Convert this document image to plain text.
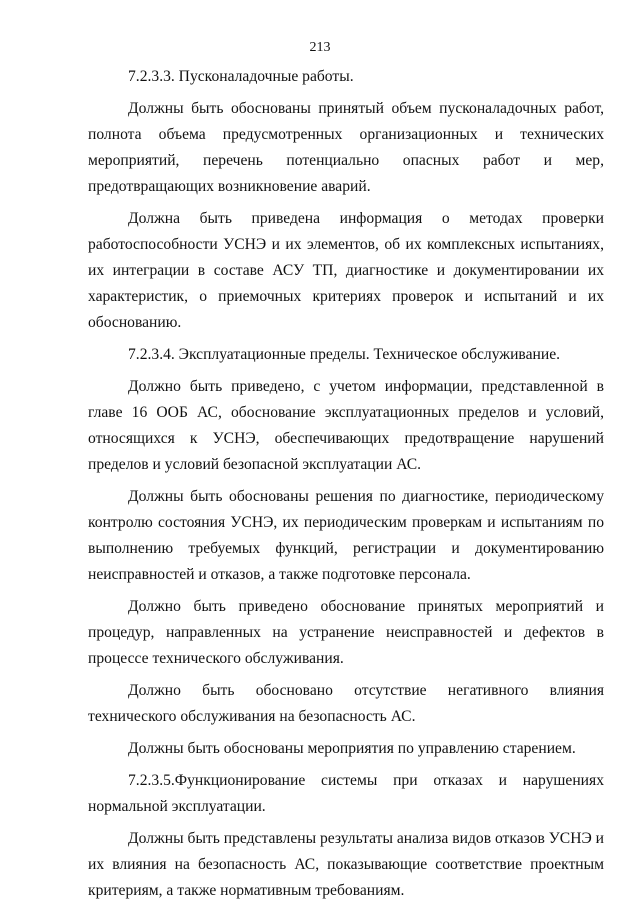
213

7.2.3.3. Пусконаладочные работы.

Должны быть обоснованы принятый объем пусконаладочных работ, полнота объема предусмотренных организационных и технических мероприятий, перечень потенциально опасных работ и мер, предотвращающих возникновение аварий.

Должна быть приведена информация о методах проверки работоспособности УСНЭ и их элементов, об их комплексных испытаниях, их интеграции в составе АСУ ТП, диагностике и документировании их характеристик, о приемочных критериях проверок и испытаний и их обоснованию.

7.2.3.4. Эксплуатационные пределы. Техническое обслуживание.

Должно быть приведено, с учетом информации, представленной в главе 16 ООБ АС, обоснование эксплуатационных пределов и условий, относящихся к УСНЭ, обеспечивающих предотвращение нарушений пределов и условий безопасной эксплуатации АС.

Должны быть обоснованы решения по диагностике, периодическому контролю состояния УСНЭ, их периодическим проверкам и испытаниям по выполнению требуемых функций, регистрации и документированию неисправностей и отказов, а также подготовке персонала.

Должно быть приведено обоснование принятых мероприятий и процедур, направленных на устранение неисправностей и дефектов в процессе технического обслуживания.

Должно быть обосновано отсутствие негативного влияния технического обслуживания на безопасность АС.

Должны быть обоснованы мероприятия по управлению старением.

7.2.3.5.Функционирование системы при отказах и нарушениях нормальной эксплуатации.

Должны быть представлены результаты анализа видов отказов УСНЭ и их влияния на безопасность АС, показывающие соответствие проектным критериям, а также нормативным требованиям.
